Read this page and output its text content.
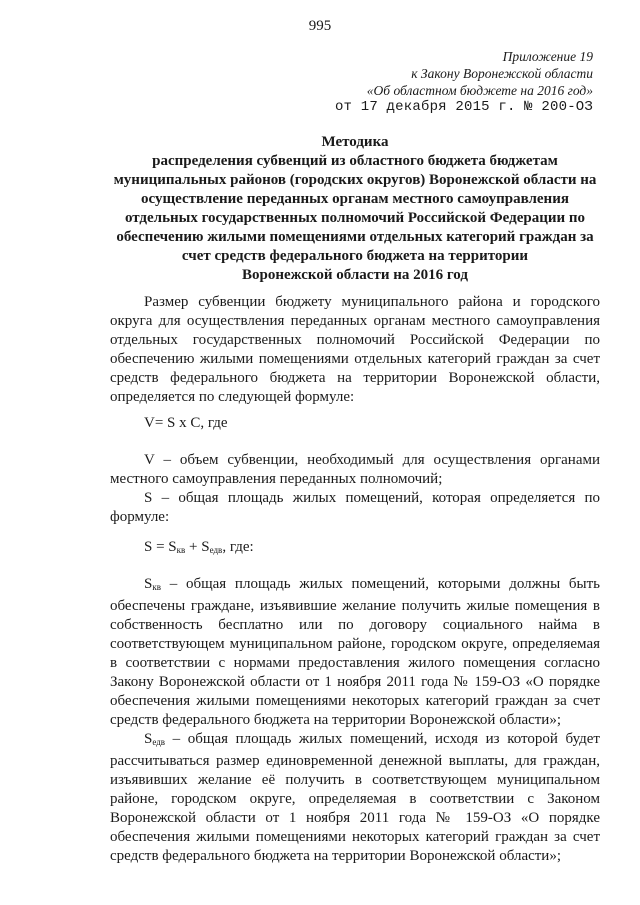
995
Приложение 19
к Закону Воронежской области
«Об областном бюджете на 2016 год»
от 17 декабря 2015 г. № 200-ОЗ
Методика
распределения субвенций из областного бюджета бюджетам
муниципальных районов (городских округов) Воронежской области на
осуществление переданных органам местного самоуправления
отдельных государственных полномочий Российской Федерации по
обеспечению жилыми помещениями отдельных категорий граждан за
счет средств федерального бюджета на территории
Воронежской области на 2016 год

Размер субвенции бюджету муниципального района и городского округа для осуществления переданных органам местного самоуправления отдельных государственных полномочий Российской Федерации по обеспечению жилыми помещениями отдельных категорий граждан за счет средств федерального бюджета на территории Воронежской области, определяется по следующей формуле:

V= S x C, где

V – объем субвенции, необходимый для осуществления органами местного самоуправления переданных полномочий;

S – общая площадь жилых помещений, которая определяется по формуле:

$S = S_{кв} + S_{едв}$, где:

$S_{кв}$ – общая площадь жилых помещений, которыми должны быть обеспечены граждане, изъявившие желание получить жилые помещения в собственность бесплатно или по договору социального найма в соответствующем муниципальном районе, городском округе, определяемая в соответствии с нормами предоставления жилого помещения согласно Закону Воронежской области от 1 ноября 2011 года № 159-ОЗ «О порядке обеспечения жилыми помещениями некоторых категорий граждан за счет средств федерального бюджета на территории Воронежской области»;

$S_{едв}$ – общая площадь жилых помещений, исходя из которой будет рассчитываться размер единовременной денежной выплаты, для граждан, изъявивших желание её получить в соответствующем муниципальном районе, городском округе, определяемая в соответствии с Законом Воронежской области от 1 ноября 2011 года № 159-ОЗ «О порядке обеспечения жилыми помещениями некоторых категорий граждан за счет средств федерального бюджета на территории Воронежской области»;
